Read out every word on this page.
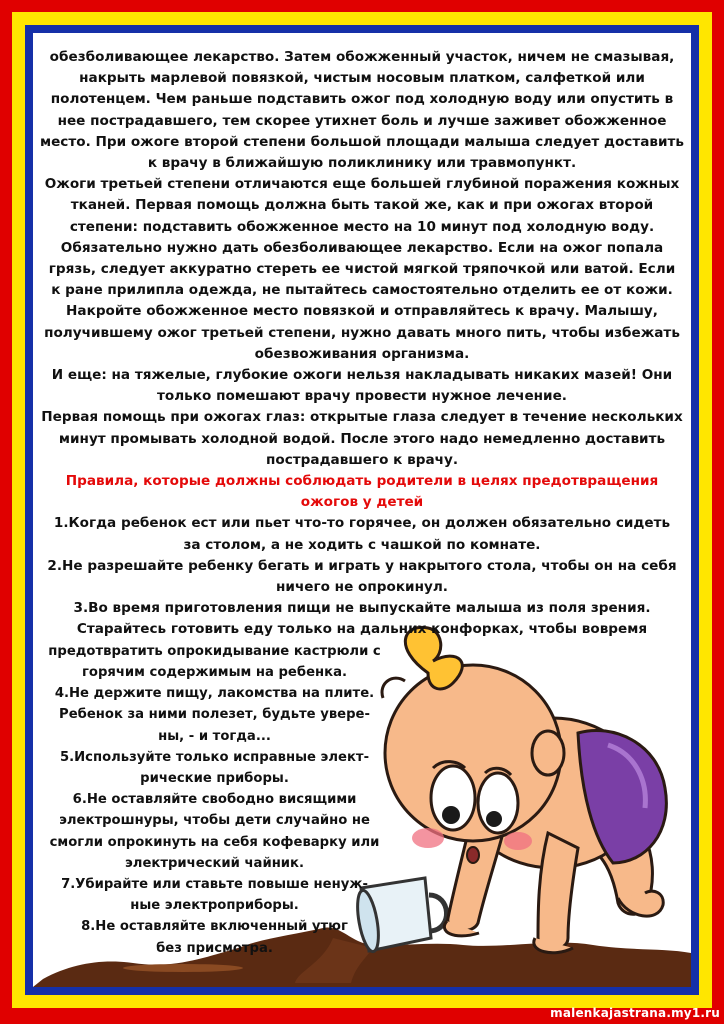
обезболивающее лекарство. Затем обожженный участок, ничем не смазывая,
накрыть марлевой повязкой, чистым носовым платком, салфеткой или
полотенцем. Чем раньше подставить ожог под холодную воду или опустить в
нее пострадавшего, тем скорее утихнет боль и лучше заживет обожженное
место. При ожоге второй степени большой площади малыша следует доставить
к врачу в ближайшую поликлинику или травмопункт.
Ожоги третьей степени отличаются еще большей глубиной поражения кожных
тканей. Первая помощь должна быть такой же, как и при ожогах второй
степени: подставить обожженное место на 10 минут под холодную воду.
Обязательно нужно дать обезболивающее лекарство. Если на ожог попала
грязь, следует аккуратно стереть ее чистой мягкой тряпочкой или ватой. Если
к ране прилипла одежда, не пытайтесь самостоятельно отделить ее от кожи.
Накройте обожженное место повязкой и отправляйтесь к врачу. Малышу,
получившему ожог третьей степени, нужно давать много пить, чтобы избежать
обезвоживания организма.
И еще: на тяжелые, глубокие ожоги нельзя накладывать никаких мазей! Они
только помешают врачу провести нужное лечение.
Первая помощь при ожогах глаз: открытые глаза следует в течение нескольких
минут промывать холодной водой. После этого надо немедленно доставить
пострадавшего к врачу.
Правила, которые должны соблюдать родители в целях предотвращения
ожогов у детей
1.Когда ребенок ест или пьет что-то горячее, он должен обязательно сидеть
за столом, а не ходить с чашкой по комнате.
2.Не разрешайте ребенку бегать и играть у накрытого стола, чтобы он на себя
ничего не опрокинул.
3.Во время приготовления пищи не выпускайте малыша из поля зрения.
Старайтесь готовить еду только на дальних конфорках, чтобы вовремя
предотвратить опрокидывание кастрюли с
горячим содержимым на ребенка.
4.Не держите пищу, лакомства на плите.
Ребенок за ними полезет, будьте увере-
ны, - и тогда...
5.Используйте только исправные элект-
рические приборы.
6.Не оставляйте свободно висящими
электрошнуры, чтобы дети случайно не
смогли опрокинуть на себя кофеварку или
электрический чайник.
7.Убирайте или ставьте повыше ненуж-
ные электроприборы.
8.Не оставляйте включенный утюг
без присмотра.
malenkajastrana.my1.ru
